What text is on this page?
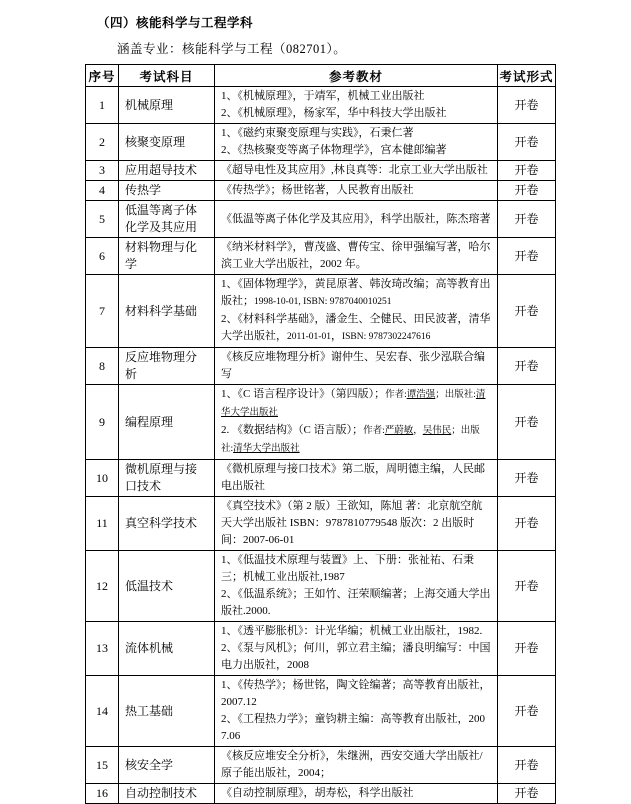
（四）核能科学与工程学科
涵盖专业：核能科学与工程（082701）。
序号	考试科目	参考教材	考试形式
1	机械原理	1、《机械原理》，于靖军，机械工业出版社
2、《机械原理》，杨家军，华中科技大学出版社	开卷
2	核聚变原理	1、《磁约束聚变原理与实践》，石秉仁著
2、《热核聚变等离子体物理学》，宫本健郎编著	开卷
3	应用超导技术	《超导电性及其应用》,林良真等：北京工业大学出版社	开卷
4	传热学	《传热学》；杨世铭著，人民教育出版社	开卷
5	低温等离子体化学及其应用	《低温等离子体化学及其应用》，科学出版社，陈杰瑢著	开卷
6	材料物理与化学	《纳米材料学》，曹茂盛、曹传宝、徐甲强编写著，哈尔滨工业大学出版社，2002 年。	开卷
7	材料科学基础	1、《固体物理学》，黄昆原著、韩汝琦改编；高等教育出版社；1998-10-01, ISBN: 9787040010251
2、《材料科学基础》，潘金生、仝健民、田民波著，清华大学出版社，2011-01-01，ISBN: 9787302247616	开卷
8	反应堆物理分析	《核反应堆物理分析》谢仲生、吴宏春、张少泓联合编写	开卷
9	编程原理	1、《C 语言程序设计》（第四版）；作者:谭浩强；出版社:清华大学出版社
2. 《数据结构》（C 语言版）；作者:严蔚敏，吴伟民；出版社:清华大学出版社	开卷
10	微机原理与接口技术	《微机原理与接口技术》第二版，周明德主编，人民邮电出版社	开卷
11	真空科学技术	《真空技术》（第 2 版）王欲知，陈旭 著：北京航空航天大学出版社 ISBN：9787810779548 版次：2 出版时间：2007-06-01	开卷
12	低温技术	1、《低温技术原理与装置》上、下册：张祉祐、石秉三；机械工业出版社,1987
2、《低温系统》；王如竹、汪荣顺编著；上海交通大学出版社.2000.	开卷
13	流体机械	1、《透平膨胀机》：计光华编；机械工业出版社，1982.
2、《泵与风机》；何川，郭立君主编；潘良明编写：中国电力出版社，2008	开卷
14	热工基础	1、《传热学》；杨世铭，陶文铨编著；高等教育出版社，2007.12
2、《工程热力学》；童钧耕主编：高等教育出版社，2007.06	开卷
15	核安全学	《核反应堆安全分析》，朱继洲，西安交通大学出版社/原子能出版社，2004；	开卷
16	自动控制技术	《自动控制原理》，胡寿松，科学出版社	开卷
